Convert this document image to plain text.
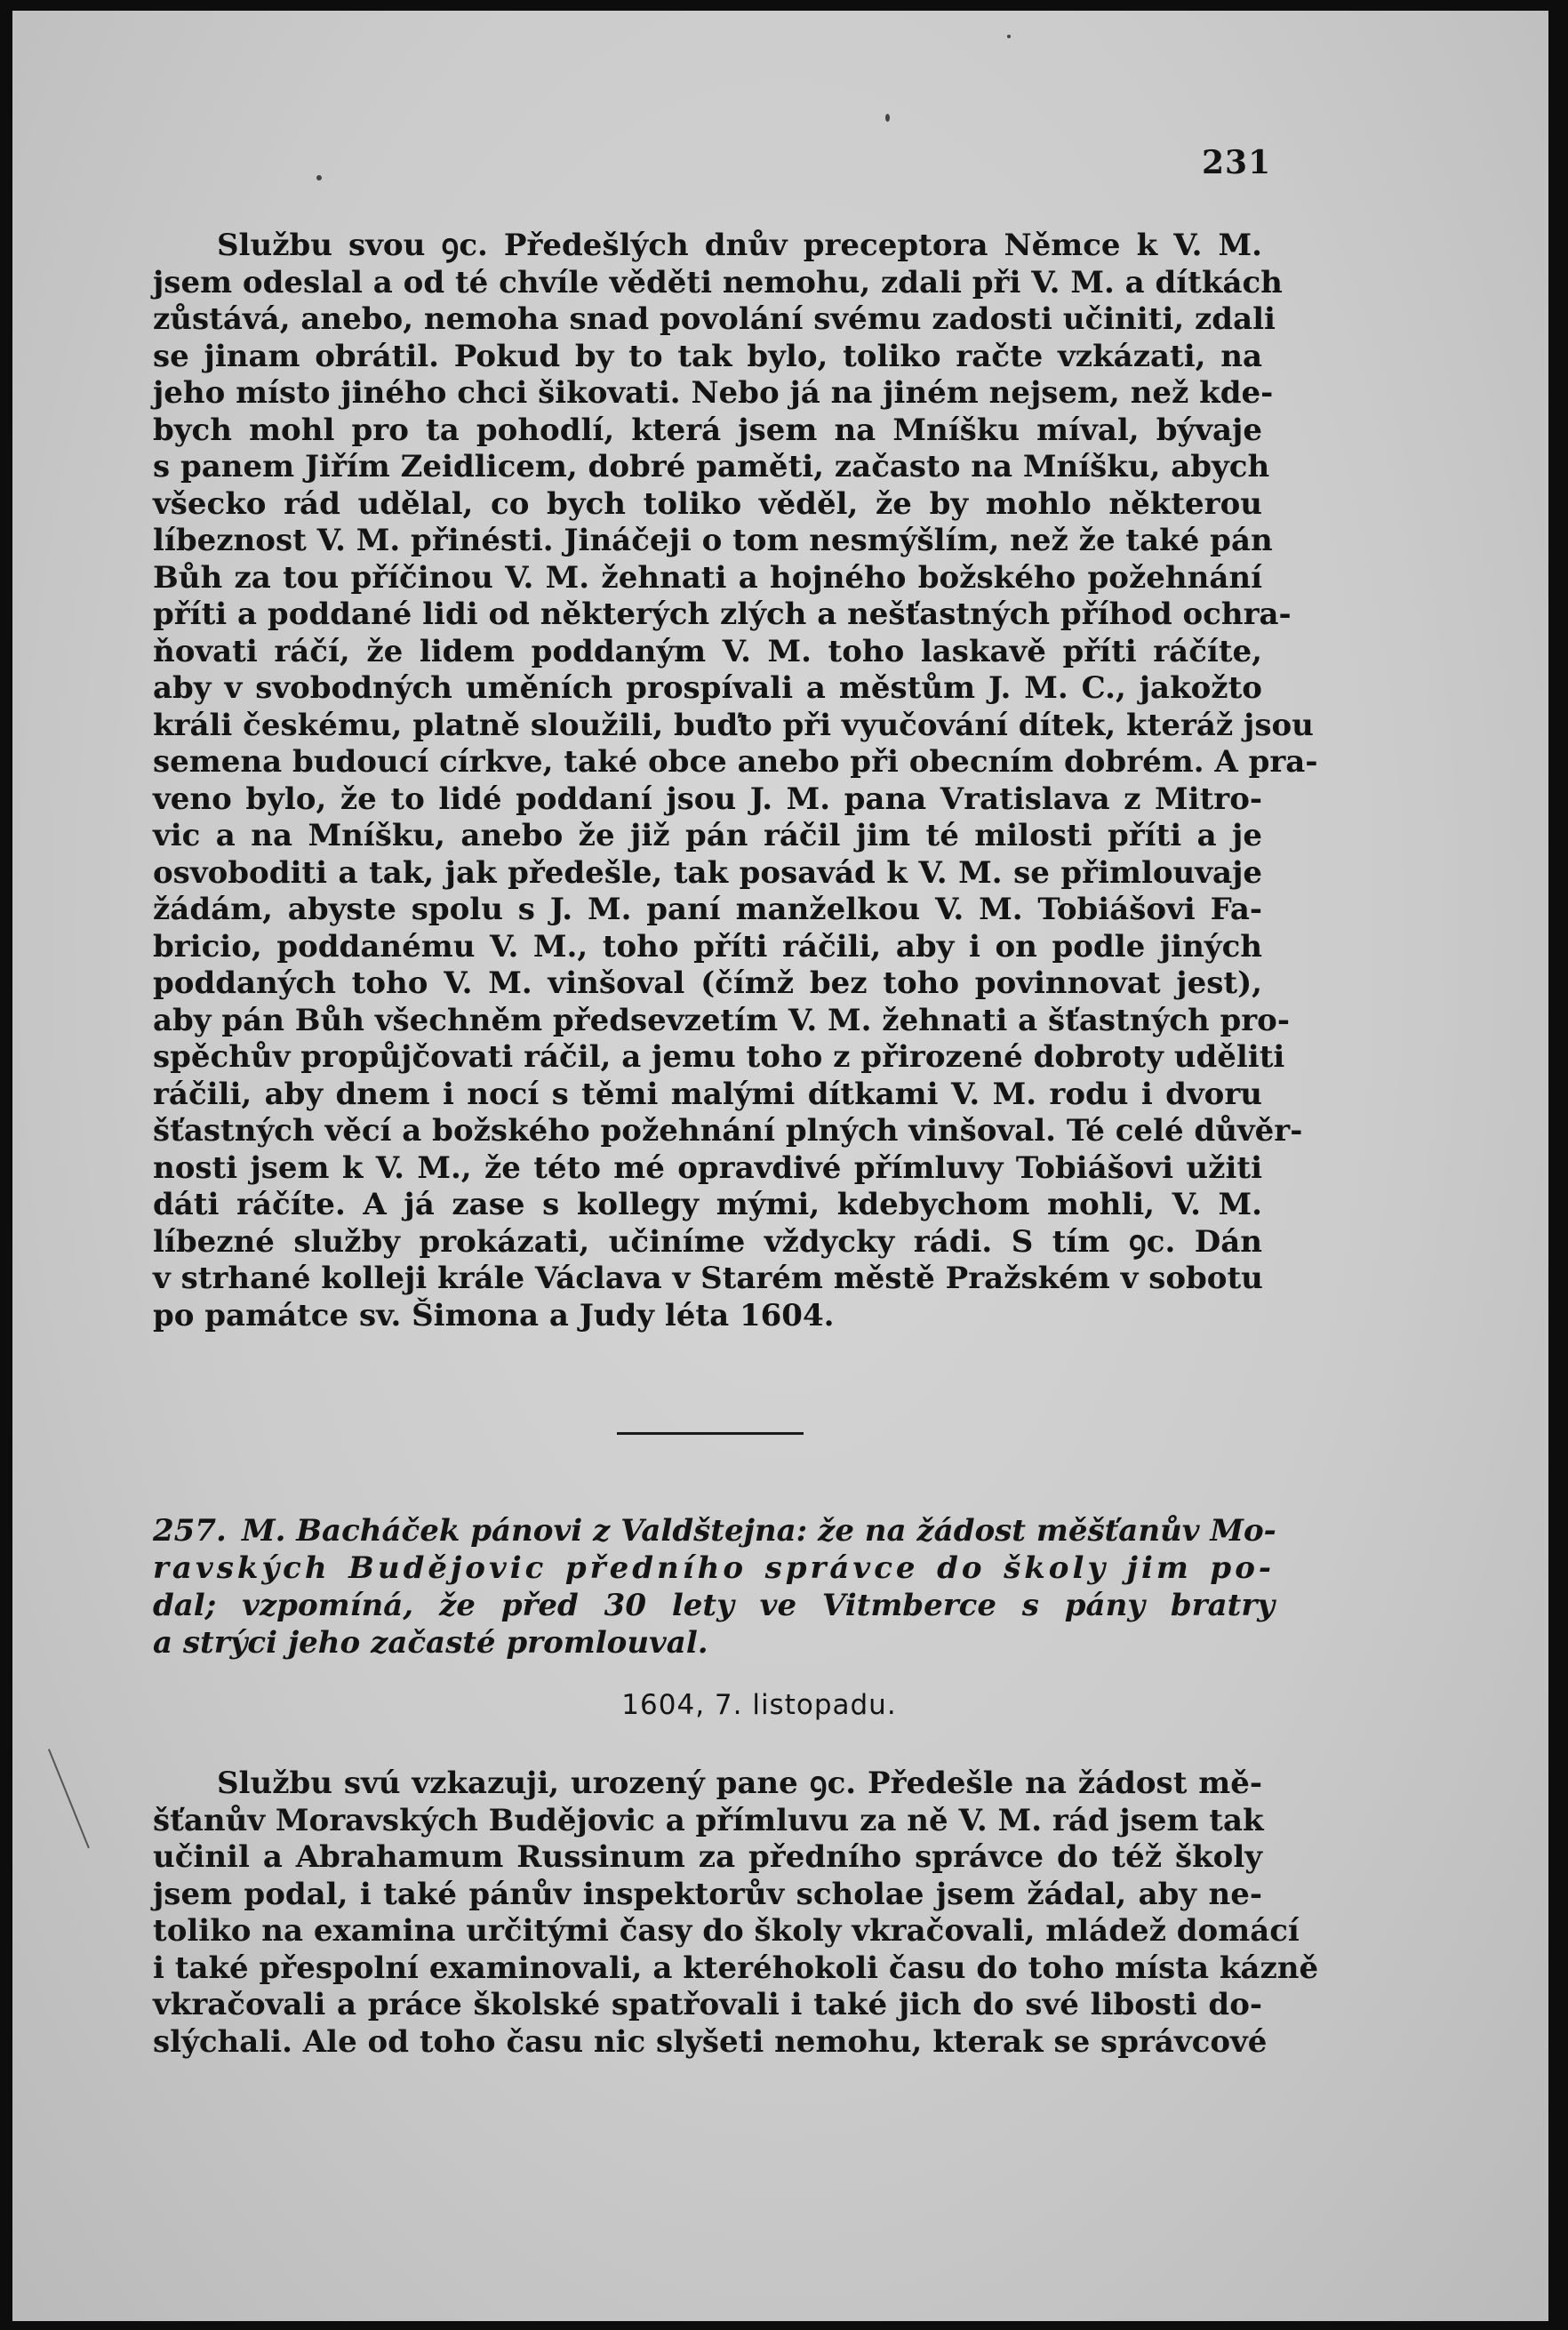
231
Službu svou ꝯc. Předešlých dnův preceptora Němce k V. M.
jsem odeslal a od té chvíle věděti nemohu, zdali při V. M. a dítkách
zůstává, anebo, nemoha snad povolání svému zadosti učiniti, zdali
se jinam obrátil. Pokud by to tak bylo, toliko račte vzkázati, na
jeho místo jiného chci šikovati. Nebo já na jiném nejsem, než kde-
bych mohl pro ta pohodlí, která jsem na Mníšku míval, bývaje
s panem Jiřím Zeidlicem, dobré paměti, začasto na Mníšku, abych
všecko rád udělal, co bych toliko věděl, že by mohlo některou
líbeznost V. M. přinésti. Jináčeji o tom nesmýšlím, než že také pán
Bůh za tou příčinou V. M. žehnati a hojného božského požehnání
příti a poddané lidi od některých zlých a nešťastných příhod ochra-
ňovati ráčí, že lidem poddaným V. M. toho laskavě příti ráčíte,
aby v svobodných uměních prospívali a městům J. M. C., jakožto
králi českému, platně sloužili, buďto při vyučování dítek, kteráž jsou
semena budoucí církve, také obce anebo při obecním dobrém. A pra-
veno bylo, že to lidé poddaní jsou J. M. pana Vratislava z Mitro-
vic a na Mníšku, anebo že již pán ráčil jim té milosti příti a je
osvoboditi a tak, jak předešle, tak posavád k V. M. se přimlouvaje
žádám, abyste spolu s J. M. paní manželkou V. M. Tobiášovi Fa-
bricio, poddanému V. M., toho příti ráčili, aby i on podle jiných
poddaných toho V. M. vinšoval (čímž bez toho povinnovat jest),
aby pán Bůh všechněm předsevzetím V. M. žehnati a šťastných pro-
spěchův propůjčovati ráčil, a jemu toho z přirozené dobroty uděliti
ráčili, aby dnem i nocí s těmi malými dítkami V. M. rodu i dvoru
šťastných věcí a božského požehnání plných vinšoval. Té celé důvěr-
nosti jsem k V. M., že této mé opravdivé přímluvy Tobiášovi užiti
dáti ráčíte. A já zase s kollegy mými, kdebychom mohli, V. M.
líbezné služby prokázati, učiníme vždycky rádi. S tím ꝯc. Dán
v strhané kolleji krále Václava v Starém městě Pražském v sobotu
po památce sv. Šimona a Judy léta 1604.
257. M. Bacháček pánovi z Valdštejna: že na žádost měšťanův Mo-
ravských Budějovic předního správce do školy jim po-
dal; vzpomíná, že před 30 lety ve Vitmberce s pány bratry
a strýci jeho začasté promlouval.
1604, 7. listopadu.
Službu svú vzkazuji, urozený pane ꝯc. Předešle na žádost mě-
šťanův Moravských Budějovic a přímluvu za ně V. M. rád jsem tak
učinil a Abrahamum Russinum za předního správce do též školy
jsem podal, i také pánův inspektorův scholae jsem žádal, aby ne-
toliko na examina určitými časy do školy vkračovali, mládež domácí
i také přespolní examinovali, a kteréhokoli času do toho místa kázně
vkračovali a práce školské spatřovali i také jich do své libosti do-
slýchali. Ale od toho času nic slyšeti nemohu, kterak se správcové
